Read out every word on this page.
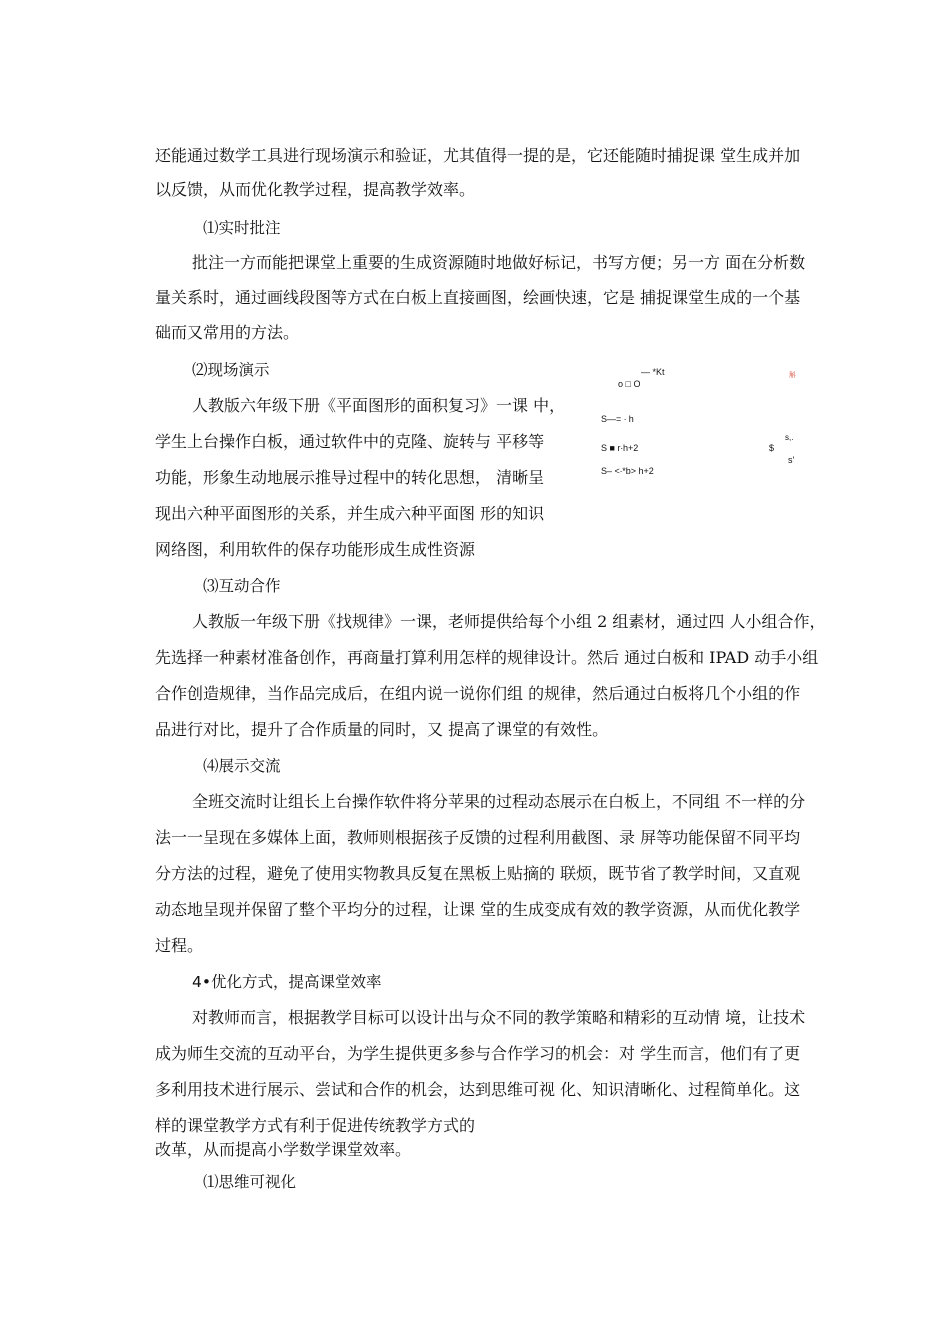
还能通过数学工具进行现场演示和验证，尤其值得一提的是，它还能随时捕捉课 堂生成并加
以反馈，从而优化教学过程，提高教学效率。
⑴实时批注
批注一方而能把课堂上重要的生成资源随时地做好标记，书写方便；另一方 面在分析数
量关系时，通过画线段图等方式在白板上直接画图，绘画快速，它是 捕捉课堂生成的一个基
础而又常用的方法。
⑵现场演示
人教版六年级下册《平面图形的面积复习》一课 中，
学生上台操作白板，通过软件中的克隆、旋转与 平移等
功能，形象生动地展示推导过程中的转化思想， 清晰呈
现出六种平面图形的关系，并生成六种平面图 形的知识
网络图，利用软件的保存功能形成生成性资源
— *Kt
o □ O
S—= ∙ h
S ■ r∙h+2
S– <∙*b> h+2
$
s,.
s'
斛
⑶互动合作
人教版一年级下册《找规律》一课，老师提供给每个小组 2 组素材，通过四 人小组合作，
先选择一种素材准备创作，再商量打算利用怎样的规律设计。然后 通过白板和 IPAD 动手小组
合作创造规律，当作品完成后，在组内说一说你们组 的规律，然后通过白板将几个小组的作
品进行对比，提升了合作质量的同时，又 提高了课堂的有效性。
⑷展示交流
全班交流时让组长上台操作软件将分苹果的过程动态展示在白板上，不同组 不一样的分
法一一呈现在多媒体上面，教师则根据孩子反馈的过程利用截图、录 屏等功能保留不同平均
分方法的过程，避免了使用实物教具反复在黑板上贴摘的 联烦，既节省了教学时间，又直观
动态地呈现并保留了整个平均分的过程，让课 堂的生成变成有效的教学资源，从而优化教学
过程。
4•优化方式，提高课堂效率
对教师而言，根据教学目标可以设计出与众不同的教学策略和精彩的互动情 境，让技术
成为师生交流的互动平台，为学生提供更多参与合作学习的机会：对 学生而言，他们有了更
多利用技术进行展示、尝试和合作的机会，达到思维可视 化、知识清晰化、过程简单化。这
样的课堂教学方式有利于促进传统教学方式的
改革，从而提高小学数学课堂效率。
⑴思维可视化
